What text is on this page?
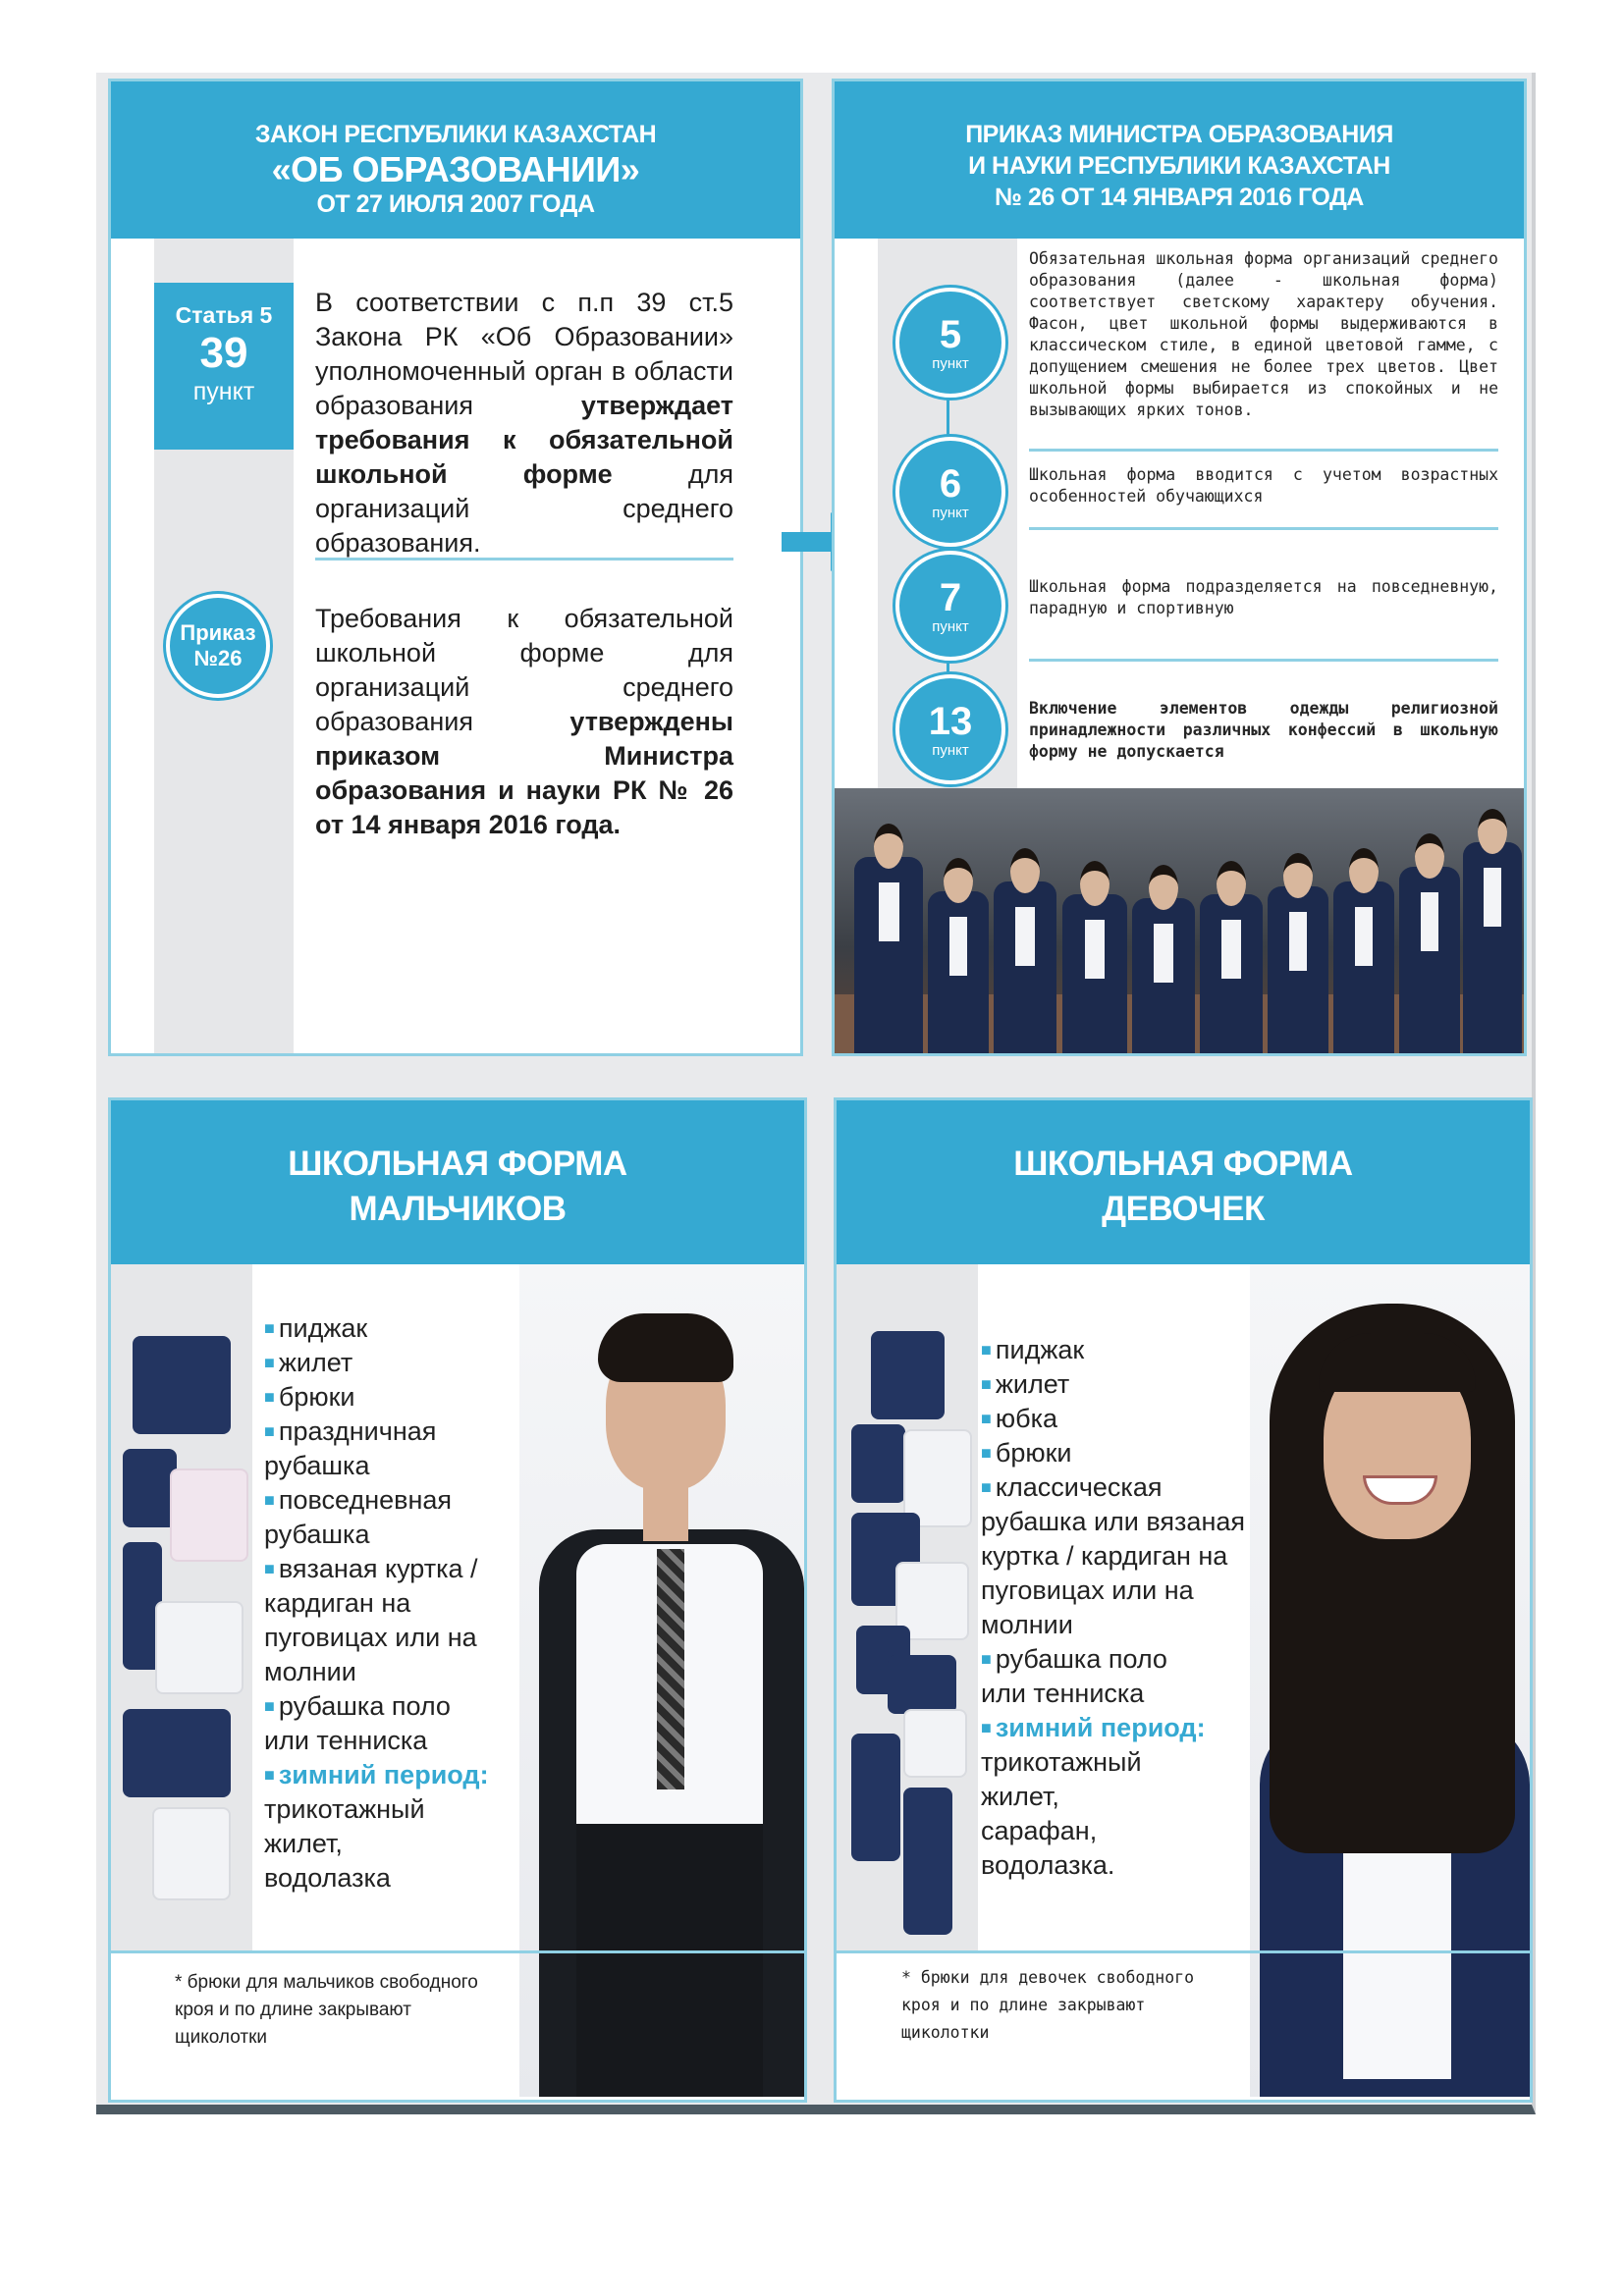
ЗАКОН РЕСПУБЛИКИ КАЗАХСТАН
«ОБ ОБРАЗОВАНИИ»
ОТ 27 ИЮЛЯ 2007 ГОДА
Статья 5
39
пункт
Приказ
№26
В соответствии с п.п 39 ст.5 Закона РК «Об Образовании» уполномоченный орган в области образования утверждает требования к обязательной школьной форме для организаций среднего образования.
Требования к обязательной школьной форме для организаций среднего образования утверждены приказом Министра образования и науки РК № 26 от 14 января 2016 года.
ПРИКАЗ МИНИСТРА ОБРАЗОВАНИЯ
И НАУКИ РЕСПУБЛИКИ КАЗАХСТАН
№ 26 ОТ 14 ЯНВАРЯ 2016 ГОДА
5
пункт
6
пункт
7
пункт
13
пункт
Обязательная школьная форма организаций среднего образования (далее - школьная форма) соответствует светскому характеру обучения. Фасон, цвет школьной формы выдерживаются в классическом стиле, в единой цветовой гамме, с допущением смешения не более трех цветов. Цвет школьной формы выбирается из спокойных и не вызывающих ярких тонов.
Школьная форма вводится с учетом возрастных особенностей обучающихся
Школьная форма подразделяется на повседневную, парадную и спортивную
Включение элементов одежды религиозной принадлежности различных конфессий в школьную форму не допускается
ШКОЛЬНАЯ ФОРМА
МАЛЬЧИКОВ
■ пиджак
■ жилет
■ брюки
■ праздничная рубашка
■ повседневная рубашка
■ вязаная куртка / кардиган на пуговицах или на молнии
■ рубашка поло или тенниска
■ зимний период:
трикотажный жилет, водолазка
* брюки для мальчиков свободного кроя и по длине закрывают щиколотки
ШКОЛЬНАЯ ФОРМА
ДЕВОЧЕК
■ пиджак
■ жилет
■ юбка
■ брюки
■ классическая рубашка или вязаная куртка / кардиган на пуговицах или на молнии
■ рубашка поло или тенниска
■ зимний период:
трикотажный жилет, сарафан, водолазка.
* брюки для девочек свободного кроя и по длине закрывают щиколотки
